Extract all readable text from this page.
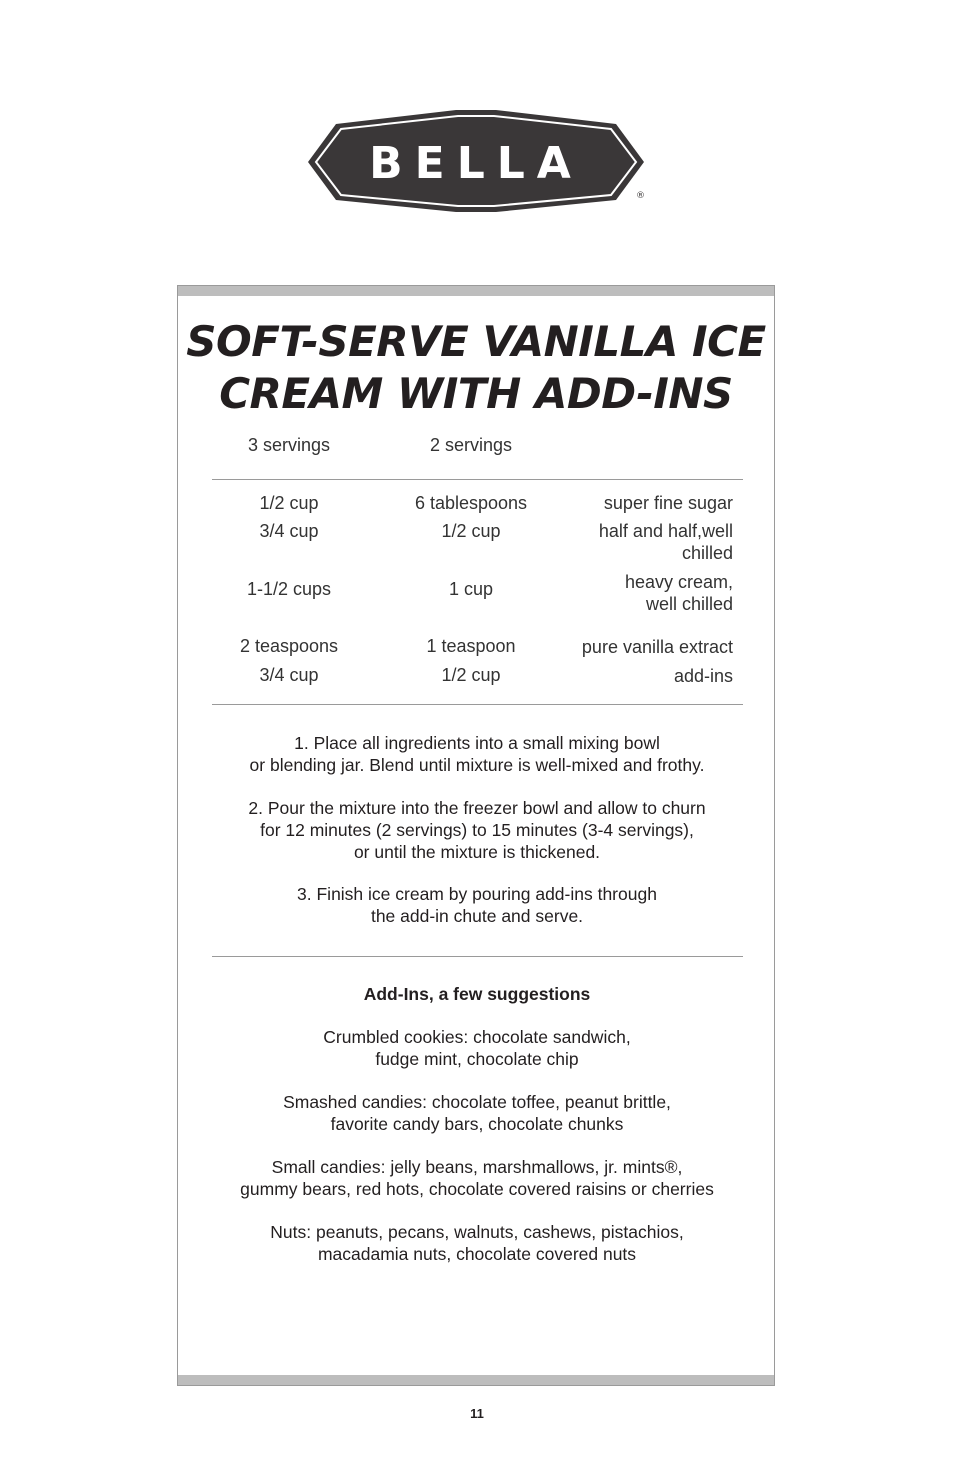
BELLA
®
SOFT-SERVE VANILLA ICE
CREAM WITH ADD-INS
3 servings	2 servings
1/2 cup	6 tablespoons	super fine sugar
3/4 cup	1/2 cup	half and half,well
chilled
1-1/2 cups	1 cup	heavy cream,
well chilled
2 teaspoons	1 teaspoon	pure vanilla extract
3/4 cup	1/2 cup	add-ins
1. Place all ingredients into a small mixing bowl
or blending jar. Blend until mixture is well-mixed and frothy.
2. Pour the mixture into the freezer bowl and allow to churn
for 12 minutes (2 servings) to 15 minutes (3-4 servings),
or until the mixture is thickened.
3. Finish ice cream by pouring add-ins through
the add-in chute and serve.
Add-Ins, a few suggestions
Crumbled cookies: chocolate sandwich,
fudge mint, chocolate chip
Smashed candies: chocolate toffee, peanut brittle,
favorite candy bars, chocolate chunks
Small candies: jelly beans, marshmallows, jr. mints®,
gummy bears, red hots, chocolate covered raisins or cherries
Nuts: peanuts, pecans, walnuts, cashews, pistachios,
macadamia nuts, chocolate covered nuts
11
